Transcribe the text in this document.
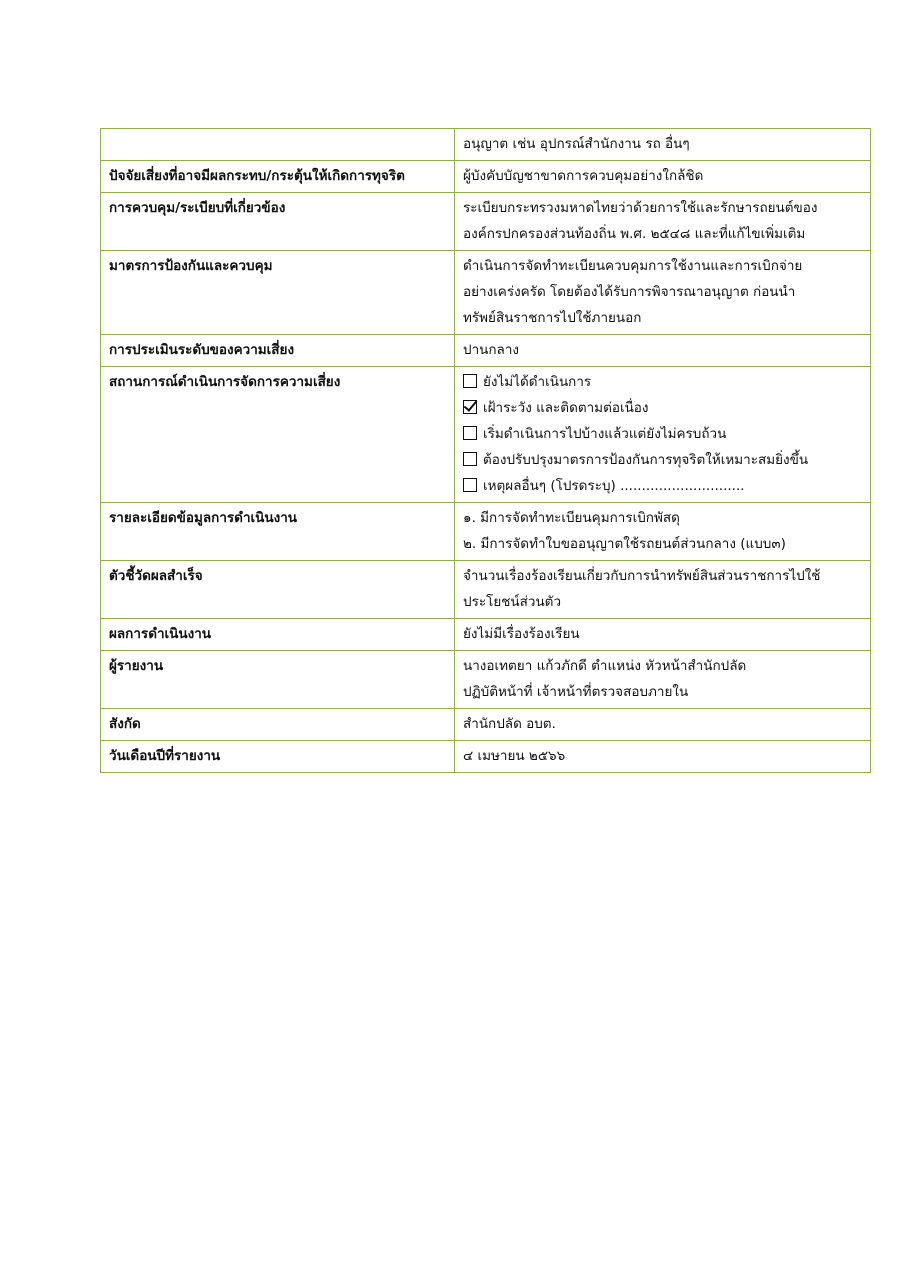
	อนุญาต เช่น อุปกรณ์สำนักงาน รถ อื่นๆ

ปัจจัยเสี่ยงที่อาจมีผลกระทบ/กระตุ้นให้เกิดการทุจริต	ผู้บังคับบัญชาขาดการควบคุมอย่างใกล้ชิด

การควบคุม/ระเบียบที่เกี่ยวข้อง	ระเบียบกระทรวงมหาดไทยว่าด้วยการใช้และรักษารถยนต์ของ
องค์กรปกครองส่วนท้องถิ่น พ.ศ. ๒๕๔๘ และที่แก้ไขเพิ่มเติม

มาตรการป้องกันและควบคุม	ดำเนินการจัดทำทะเบียนควบคุมการใช้งานและการเบิกจ่าย
อย่างเคร่งครัด โดยต้องได้รับการพิจารณาอนุญาต ก่อนนำ
ทรัพย์สินราชการไปใช้ภายนอก

การประเมินระดับของความเสี่ยง	ปานกลาง

สถานการณ์ดำเนินการจัดการความเสี่ยง	ยังไม่ได้ดำเนินการ
เฝ้าระวัง และติดตามต่อเนื่อง
เริ่มดำเนินการไปบ้างแล้วแต่ยังไม่ครบถ้วน
ต้องปรับปรุงมาตรการป้องกันการทุจริตให้เหมาะสมยิ่งขึ้น
เหตุผลอื่นๆ (โปรดระบุ) .............................

รายละเอียดข้อมูลการดำเนินงาน	๑. มีการจัดทำทะเบียนคุมการเบิกพัสดุ
๒. มีการจัดทำใบขออนุญาตใช้รถยนต์ส่วนกลาง (แบบ๓)

ตัวชี้วัดผลสำเร็จ	จำนวนเรื่องร้องเรียนเกี่ยวกับการนำทรัพย์สินส่วนราชการไปใช้
ประโยชน์ส่วนตัว

ผลการดำเนินงาน	ยังไม่มีเรื่องร้องเรียน

ผู้รายงาน	นางอเทตยา แก้วภักดี ตำแหน่ง หัวหน้าสำนักปลัด
ปฏิบัติหน้าที่ เจ้าหน้าที่ตรวจสอบภายใน

สังกัด	สำนักปลัด อบต.

วันเดือนปีที่รายงาน	๔ เมษายน ๒๕๖๖
